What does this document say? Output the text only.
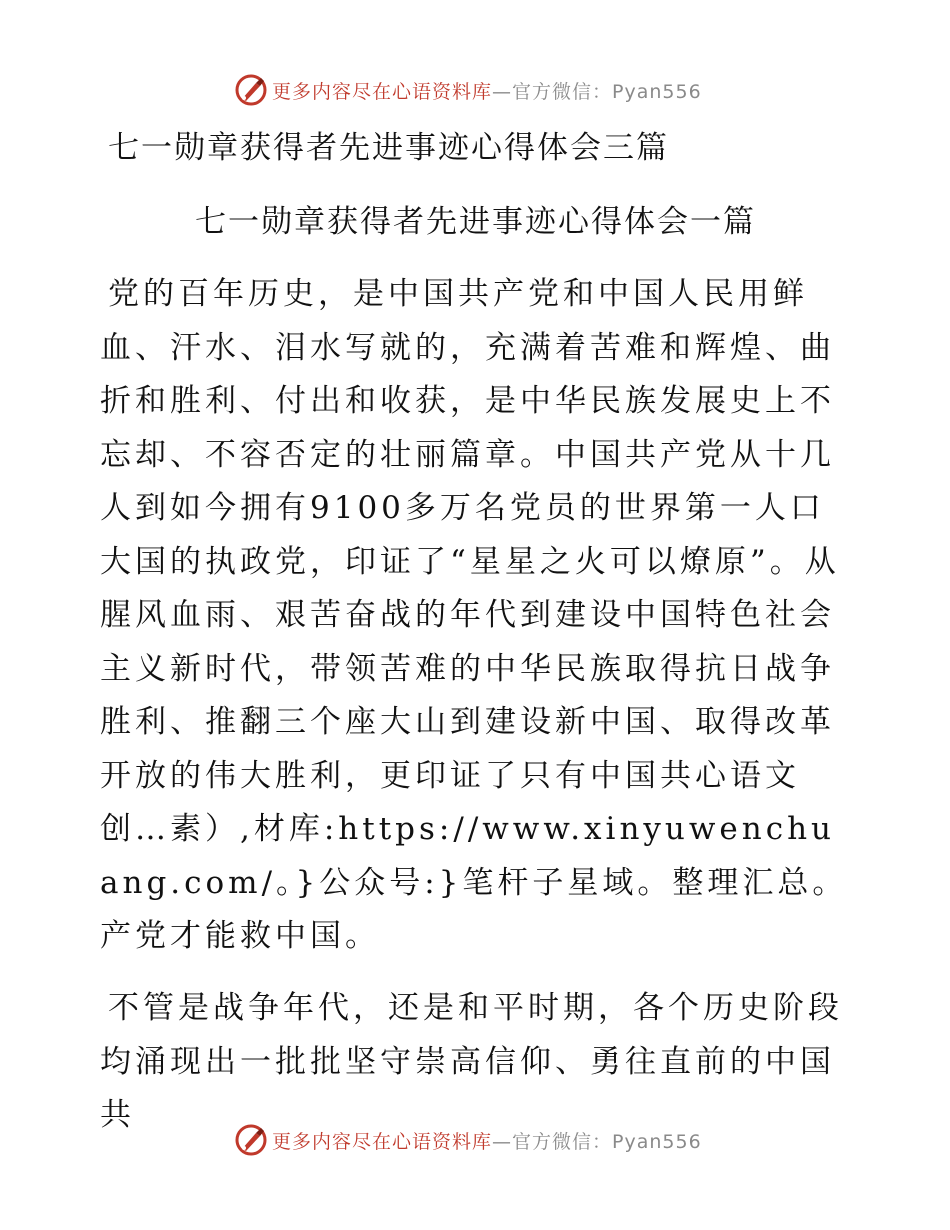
更多内容尽在心语资料库 —官方微信：Pyan556
七一勋章获得者先进事迹心得体会三篇
七一勋章获得者先进事迹心得体会一篇

党的百年历史，是中国共产党和中国人民用鲜血、汗水、泪水写就的，充满着苦难和辉煌、曲折和胜利、付出和收获，是中华民族发展史上不忘却、不容否定的壮丽篇章。中国共产党从十几人到如今拥有9100多万名党员的世界第一人口大国的执政党，印证了“星星之火可以燎原”。从腥风血雨、艰苦奋战的年代到建设中国特色社会主义新时代，带领苦难的中华民族取得抗日战争胜利、推翻三个座大山到建设新中国、取得改革开放的伟大胜利，更印证了只有中国共心语文创…素）,材库:https://www.xinyuwenchuang.com/。}公众号:}笔杆子星域。整理汇总。产党才能救中国。

不管是战争年代，还是和平时期，各个历史阶段均涌现出一批批坚守崇高信仰、勇往直前的中国共

更多内容尽在心语资料库 —官方微信：Pyan556
